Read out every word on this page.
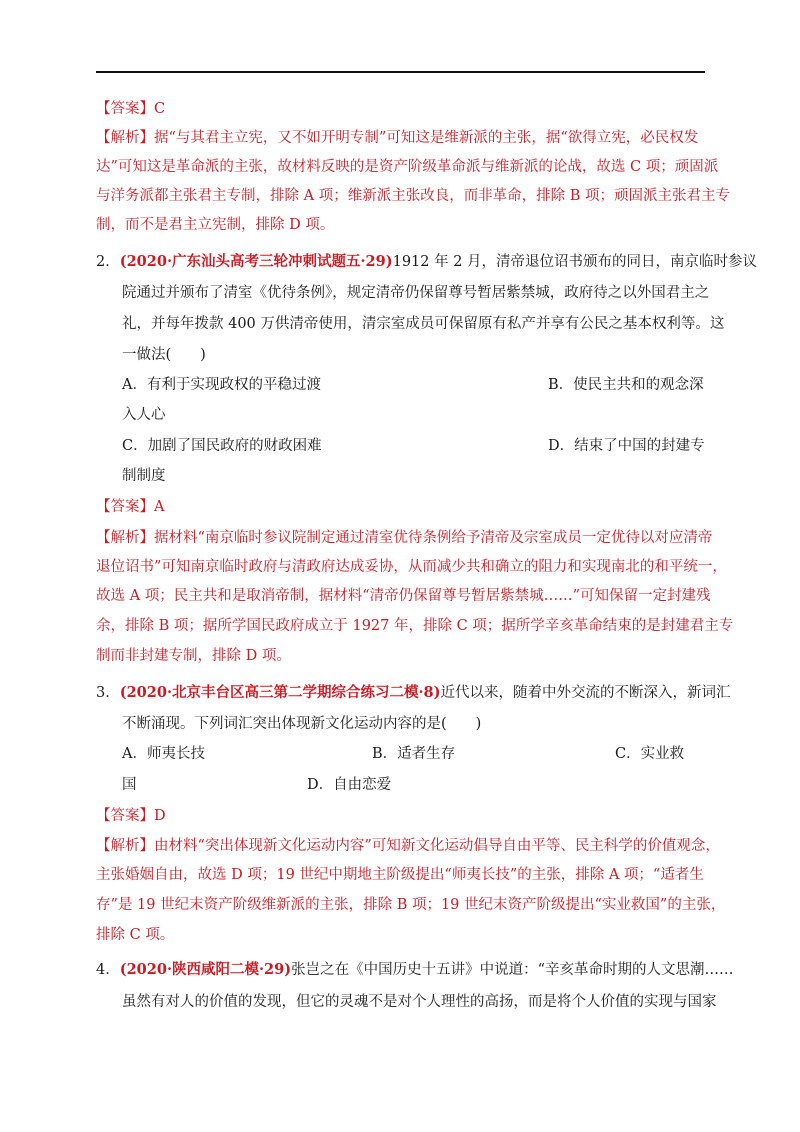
【答案】C
【解析】据“与其君主立宪，又不如开明专制”可知这是维新派的主张，据“欲得立宪，必民权发
达”可知这是革命派的主张，故材料反映的是资产阶级革命派与维新派的论战，故选 C 项；顽固派
与洋务派都主张君主专制，排除 A 项；维新派主张改良，而非革命，排除 B 项；顽固派主张君主专
制，而不是君主立宪制，排除 D 项。
2．(2020·广东汕头高考三轮冲刺试题五·29)1912 年 2 月，清帝退位诏书颁布的同日，南京临时参议
院通过并颁布了清室《优待条例》，规定清帝仍保留尊号暂居紫禁城，政府待之以外国君主之
礼，并每年拨款 400 万供清帝使用，清宗室成员可保留原有私产并享有公民之基本权利等。这
一做法(　　)
A．有利于实现政权的平稳过渡	B．使民主共和的观念深
入人心
C．加剧了国民政府的财政困难	D．结束了中国的封建专
制制度
【答案】A
【解析】据材料“南京临时参议院制定通过清室优待条例给予清帝及宗室成员一定优待以对应清帝
退位诏书”可知南京临时政府与清政府达成妥协，从而减少共和确立的阻力和实现南北的和平统一，
故选 A 项；民主共和是取消帝制，据材料“清帝仍保留尊号暂居紫禁城……”可知保留一定封建残
余，排除 B 项；据所学国民政府成立于 1927 年，排除 C 项；据所学辛亥革命结束的是封建君主专
制而非封建专制，排除 D 项。
3．(2020·北京丰台区高三第二学期综合练习二模·8)近代以来，随着中外交流的不断深入，新词汇
不断涌现。下列词汇突出体现新文化运动内容的是(　　)
A．师夷长技	B．适者生存	C．实业救
国	D．自由恋爱
【答案】D
【解析】由材料“突出体现新文化运动内容”可知新文化运动倡导自由平等、民主科学的价值观念，
主张婚姻自由，故选 D 项；19 世纪中期地主阶级提出“师夷长技”的主张，排除 A 项；“适者生
存”是 19 世纪末资产阶级维新派的主张，排除 B 项；19 世纪末资产阶级提出“实业救国”的主张，
排除 C 项。
4．(2020·陕西咸阳二模·29)张岂之在《中国历史十五讲》中说道：“辛亥革命时期的人文思潮……
虽然有对人的价值的发现，但它的灵魂不是对个人理性的高扬，而是将个人价值的实现与国家
